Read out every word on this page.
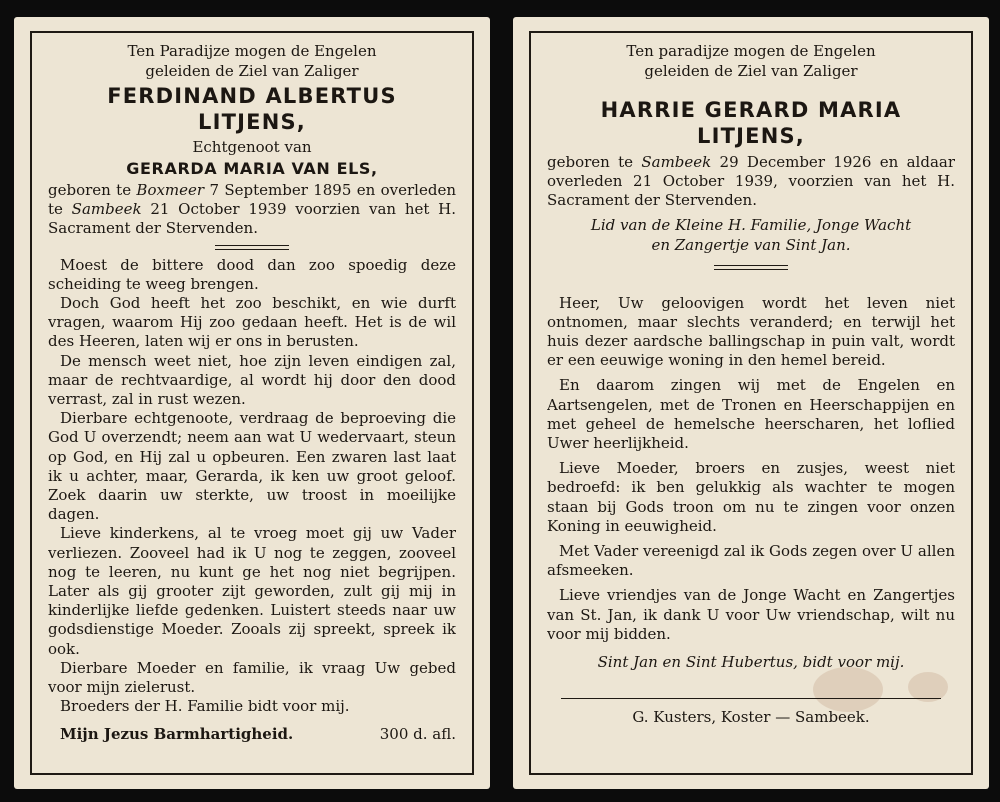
Ten Paradijze mogen de Engelen
geleiden de Ziel van Zaliger
FERDINAND ALBERTUS
LITJENS,
Echtgenoot van
GERARDA MARIA VAN ELS,
geboren te Boxmeer 7 September 1895 en overleden te Sambeek 21 October 1939 voorzien van het H. Sacrament der Stervenden.
Moest de bittere dood dan zoo spoedig deze scheiding te weeg brengen.
Doch God heeft het zoo beschikt, en wie durft vragen, waarom Hij zoo gedaan heeft. Het is de wil des Heeren, laten wij er ons in berusten.
De mensch weet niet, hoe zijn leven eindigen zal, maar de rechtvaardige, al wordt hij door den dood verrast, zal in rust wezen.
Dierbare echtgenoote, verdraag de beproeving die God U overzendt; neem aan wat U wedervaart, steun op God, en Hij zal u opbeuren. Een zwaren last laat ik u achter, maar, Gerarda, ik ken uw groot geloof. Zoek daarin uw sterkte, uw troost in moeilijke dagen.
Lieve kinderkens, al te vroeg moet gij uw Vader verliezen. Zooveel had ik U nog te zeggen, zooveel nog te leeren, nu kunt ge het nog niet begrijpen. Later als gij grooter zijt geworden, zult gij mij in kinderlijke liefde gedenken. Luistert steeds naar uw godsdienstige Moeder. Zooals zij spreekt, spreek ik ook.
Dierbare Moeder en familie, ik vraag Uw gebed voor mijn zielerust.
Broeders der H. Familie bidt voor mij.
Mijn Jezus Barmhartigheid.	300 d. afl.
Ten paradijze mogen de Engelen
geleiden de Ziel van Zaliger
HARRIE GERARD MARIA
LITJENS,
geboren te Sambeek 29 December 1926 en aldaar overleden 21 October 1939, voorzien van het H. Sacrament der Stervenden.
Lid van de Kleine H. Familie, Jonge Wacht
en Zangertje van Sint Jan.
Heer, Uw geloovigen wordt het leven niet ontnomen, maar slechts veranderd; en terwijl het huis dezer aardsche ballingschap in puin valt, wordt er een eeuwige woning in den hemel bereid.
En daarom zingen wij met de Engelen en Aartsengelen, met de Tronen en Heerschappijen en met geheel de hemelsche heerscharen, het loflied Uwer heerlijkheid.
Lieve Moeder, broers en zusjes, weest niet bedroefd: ik ben gelukkig als wachter te mogen staan bij Gods troon om nu te zingen voor onzen Koning in eeuwigheid.
Met Vader vereenigd zal ik Gods zegen over U allen afsmeeken.
Lieve vriendjes van de Jonge Wacht en Zangertjes van St. Jan, ik dank U voor Uw vriendschap, wilt nu voor mij bidden.
Sint Jan en Sint Hubertus, bidt voor mij.
G. Kusters, Koster — Sambeek.
